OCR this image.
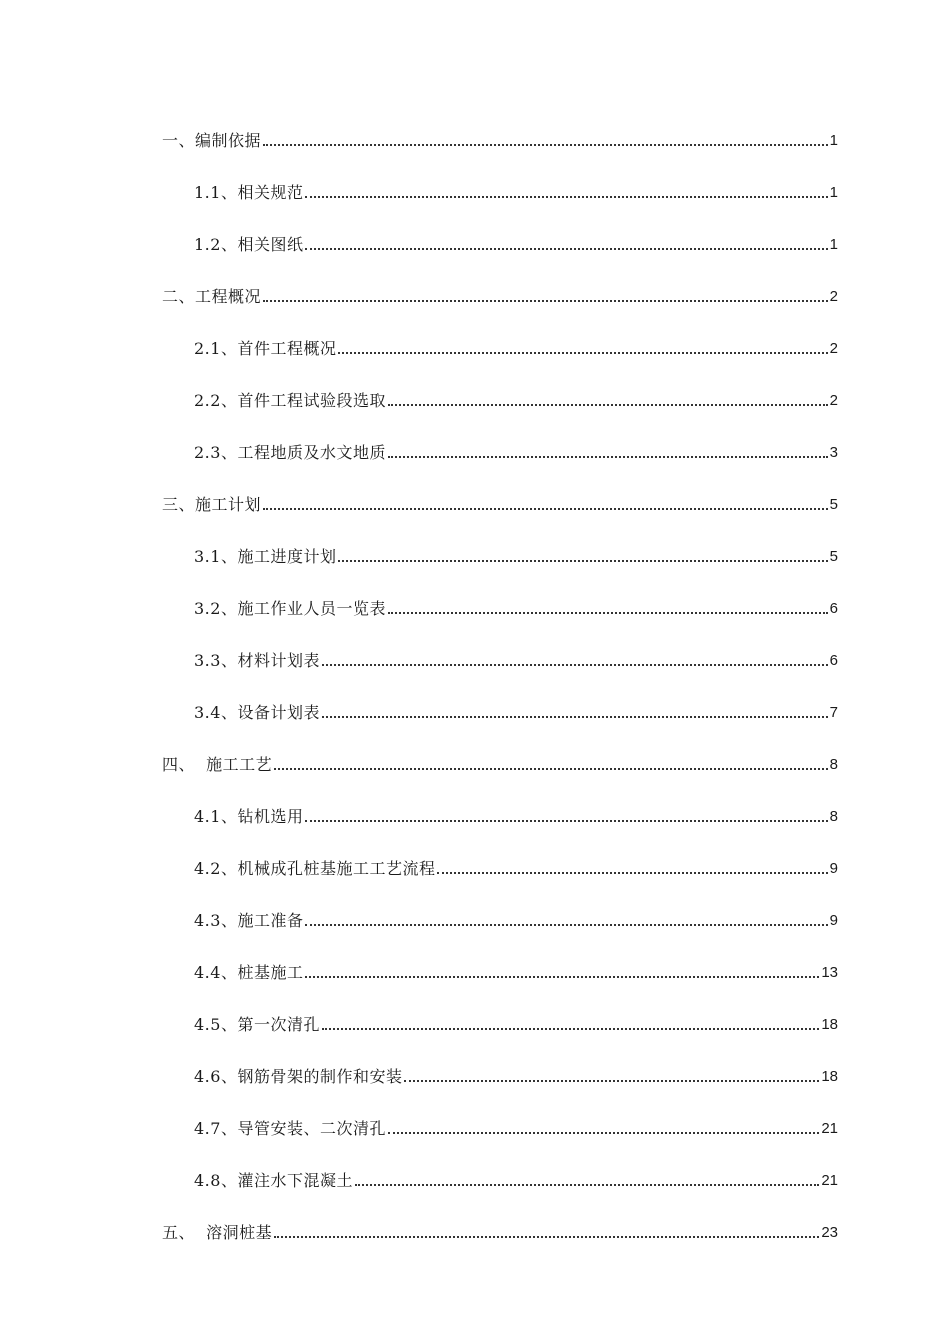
一、编制依据	1
1.1、相关规范	1
1.2、相关图纸	1
二、工程概况	2
2.1、首件工程概况	2
2.2、首件工程试验段选取	2
2.3、工程地质及水文地质	3
三、施工计划	5
3.1、施工进度计划	5
3.2、施工作业人员一览表	6
3.3、材料计划表	6
3.4、设备计划表	7
四、  施工工艺	8
4.1、钻机选用	8
4.2、机械成孔桩基施工工艺流程	9
4.3、施工准备	9
4.4、桩基施工	13
4.5、第一次清孔	18
4.6、钢筋骨架的制作和安装	18
4.7、导管安装、二次清孔	21
4.8、灌注水下混凝土	21
五、  溶洞桩基	23
